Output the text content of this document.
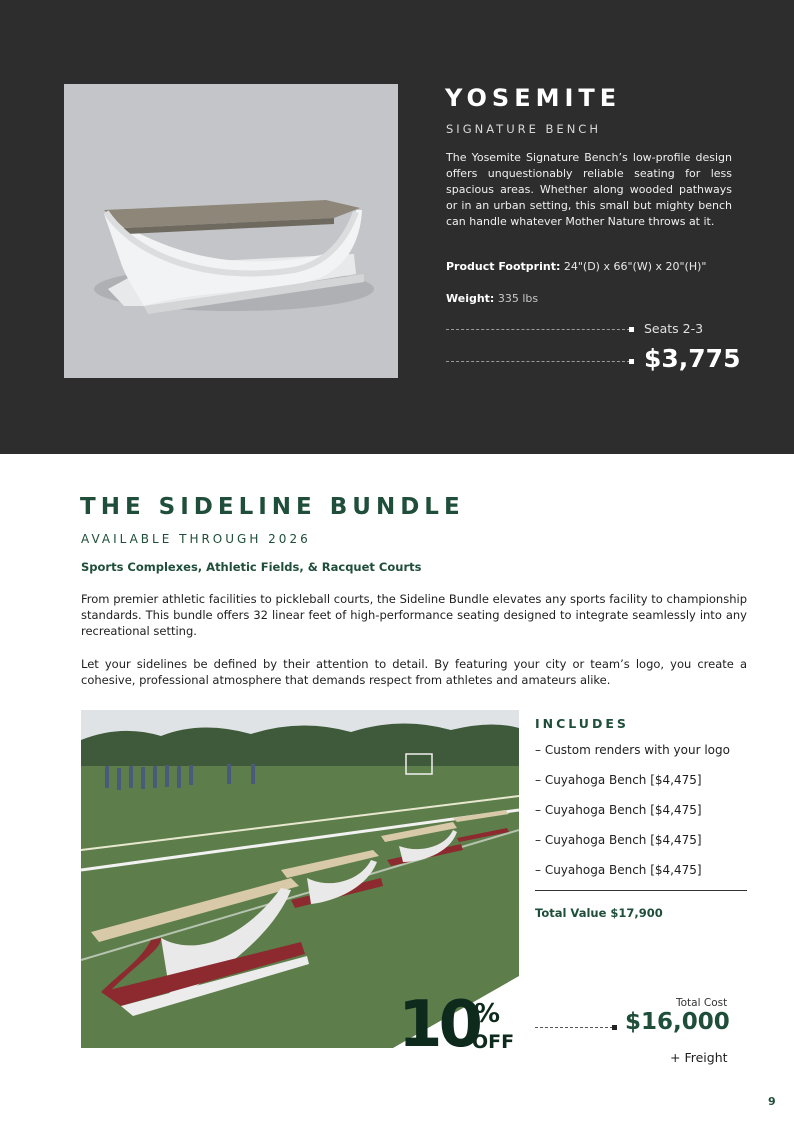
YOSEMITE
SIGNATURE BENCH

The Yosemite Signature Bench’s low-profile design offers unquestionably reliable seating for less spacious areas. Whether along wooded pathways or in an urban setting, this small but mighty bench can handle whatever Mother Nature throws at it.

Product Footprint: 24"(D) x 66"(W) x 20"(H)"
Weight: 335 lbs
Seats 2-3
$3,775
THE SIDELINE BUNDLE
AVAILABLE THROUGH 2026
Sports Complexes, Athletic Fields, & Racquet Courts

From premier athletic facilities to pickleball courts, the Sideline Bundle elevates any sports facility to championship standards. This bundle offers 32 linear feet of high-performance seating designed to integrate seamlessly into any recreational setting.

Let your sidelines be defined by their attention to detail. By featuring your city or team’s logo, you create a cohesive, professional atmosphere that demands respect from athletes and amateurs alike.

10
%
OFF
INCLUDES
– Custom renders with your logo
– Cuyahoga Bench [$4,475]
– Cuyahoga Bench [$4,475]
– Cuyahoga Bench [$4,475]
– Cuyahoga Bench [$4,475]
Total Value $17,900
Total Cost
$16,000
+ Freight
9
